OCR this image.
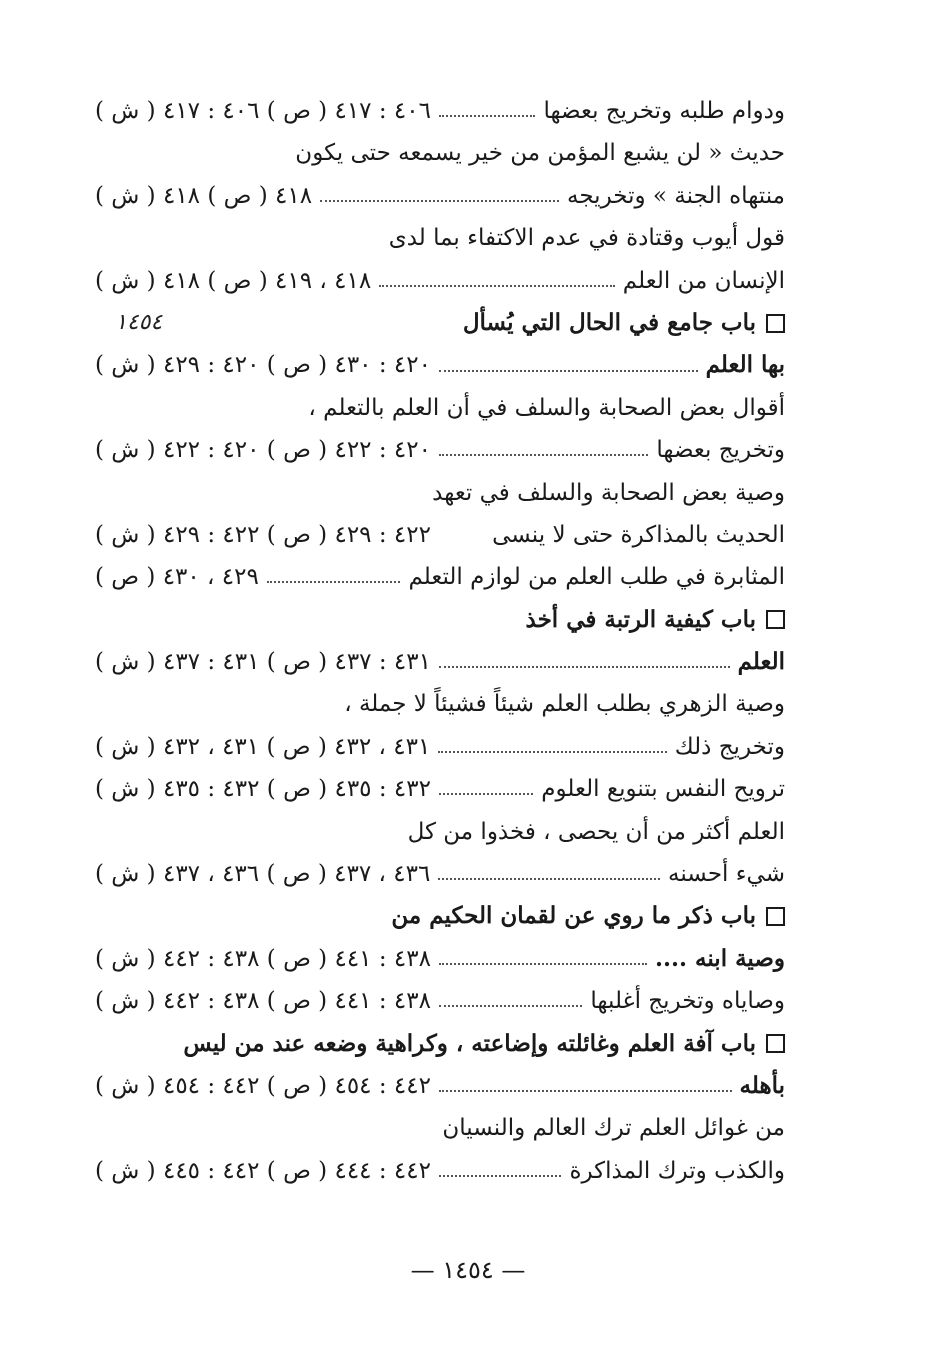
ودوام طلبه وتخريج بعضها
٤٠٦ : ٤١٧ ( ص ) ٤٠٦ : ٤١٧ ( ش )
حديث « لن يشبع المؤمن من خير يسمعه حتى يكون
منتهاه الجنة » وتخريجه
٤١٨ ( ص ) ٤١٨ ( ش )
قول أيوب وقتادة في عدم الاكتفاء بما لدى
الإنسان من العلم
٤١٨ ، ٤١٩ ( ص ) ٤١٨ ( ش )
باب جامع في الحال التي يُسأل
١٤٥٤
بها العلم
٤٢٠ : ٤٣٠ ( ص ) ٤٢٠ : ٤٢٩ ( ش )
أقوال بعض الصحابة والسلف في أن العلم بالتعلم ،
وتخريج بعضها
٤٢٠ : ٤٢٢ ( ص ) ٤٢٠ : ٤٢٢ ( ش )
وصية بعض الصحابة والسلف في تعهد
الحديث بالمذاكرة حتى لا ينسى
٤٢٢ : ٤٢٩ ( ص ) ٤٢٢ : ٤٢٩ ( ش )
المثابرة في طلب العلم من لوازم التعلم
٤٢٩ ، ٤٣٠ ( ص )
باب كيفية الرتبة في أخذ
العلم
٤٣١ : ٤٣٧ ( ص ) ٤٣١ : ٤٣٧ ( ش )
وصية الزهري بطلب العلم شيئاً فشيئاً لا جملة ،
وتخريج ذلك
٤٣١ ، ٤٣٢ ( ص ) ٤٣١ ، ٤٣٢ ( ش )
ترويح النفس بتنويع العلوم
٤٣٢ : ٤٣٥ ( ص ) ٤٣٢ : ٤٣٥ ( ش )
العلم أكثر من أن يحصى ، فخذوا من كل
شيء أحسنه
٤٣٦ ، ٤٣٧ ( ص ) ٤٣٦ ، ٤٣٧ ( ش )
باب ذكر ما روي عن لقمان الحكيم من
وصية ابنه ....
٤٣٨ : ٤٤١ ( ص ) ٤٣٨ : ٤٤٢ ( ش )
وصاياه وتخريج أغلبها
٤٣٨ : ٤٤١ ( ص ) ٤٣٨ : ٤٤٢ ( ش )
باب آفة العلم وغائلته وإضاعته ، وكراهية وضعه عند من ليس
بأهله
٤٤٢ : ٤٥٤ ( ص ) ٤٤٢ : ٤٥٤ ( ش )
من غوائل العلم ترك العالم والنسيان
والكذب وترك المذاكرة
٤٤٢ : ٤٤٤ ( ص ) ٤٤٢ : ٤٤٥ ( ش )
— ١٤٥٤ —
